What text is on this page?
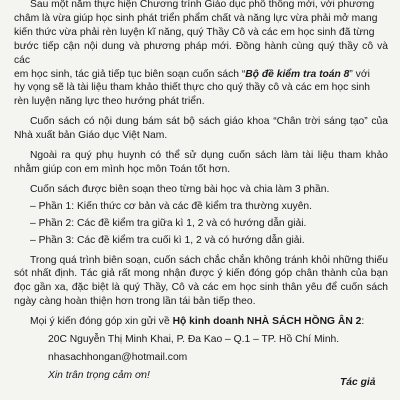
Sau một năm thực hiện Chương trình Giáo dục phổ thông mới, với phương

châm là vừa giúp học sinh phát triển phẩm chất và năng lực vừa phải mở mang

kiến thức vừa phải rèn luyện kĩ năng, quý Thầy Cô và các em học sinh đã từng

bước tiếp cận nội dung và phương pháp mới. Đồng hành cùng quý thầy cô và các

em học sinh, tác giả tiếp tục biên soạn cuốn sách “Bộ đề kiểm tra toán 8” với

hy vọng sẽ là tài liệu tham khảo thiết thực cho quý thầy cô và các em học sinh

rèn luyện năng lực theo hướng phát triển.

Cuốn sách có nội dung bám sát bộ sách giáo khoa “Chân trời sáng tạo” của Nhà xuất bản Giáo dục Việt Nam.

Ngoài ra quý phụ huynh có thể sử dụng cuốn sách làm tài liệu tham khảo nhằm giúp con em mình học môn Toán tốt hơn.

Cuốn sách được biên soạn theo từng bài học và chia làm 3 phần.

– Phần 1: Kiến thức cơ bản và các đề kiểm tra thường xuyên.

– Phần 2: Các đề kiểm tra giữa kì 1, 2 và có hướng dẫn giải.

– Phần 3: Các đề kiểm tra cuối kì 1, 2 và có hướng dẫn giải.

Trong quá trình biên soạn, cuốn sách chắc chắn không tránh khỏi những thiếu sót nhất định. Tác giả rất mong nhận được ý kiến đóng góp chân thành của bạn đọc gần xa, đặc biệt là quý Thầy, Cô và các em học sinh thân yêu để cuốn sách ngày càng hoàn thiện hơn trong lần tái bản tiếp theo.

Mọi ý kiến đóng góp xin gửi về Hộ kinh doanh NHÀ SÁCH HỒNG ÂN 2:

20C Nguyễn Thị Minh Khai, P. Đa Kao – Q.1 – TP. Hồ Chí Minh.

nhasachhongan@hotmail.com

Xin trân trọng cảm ơn!

Tác giả
